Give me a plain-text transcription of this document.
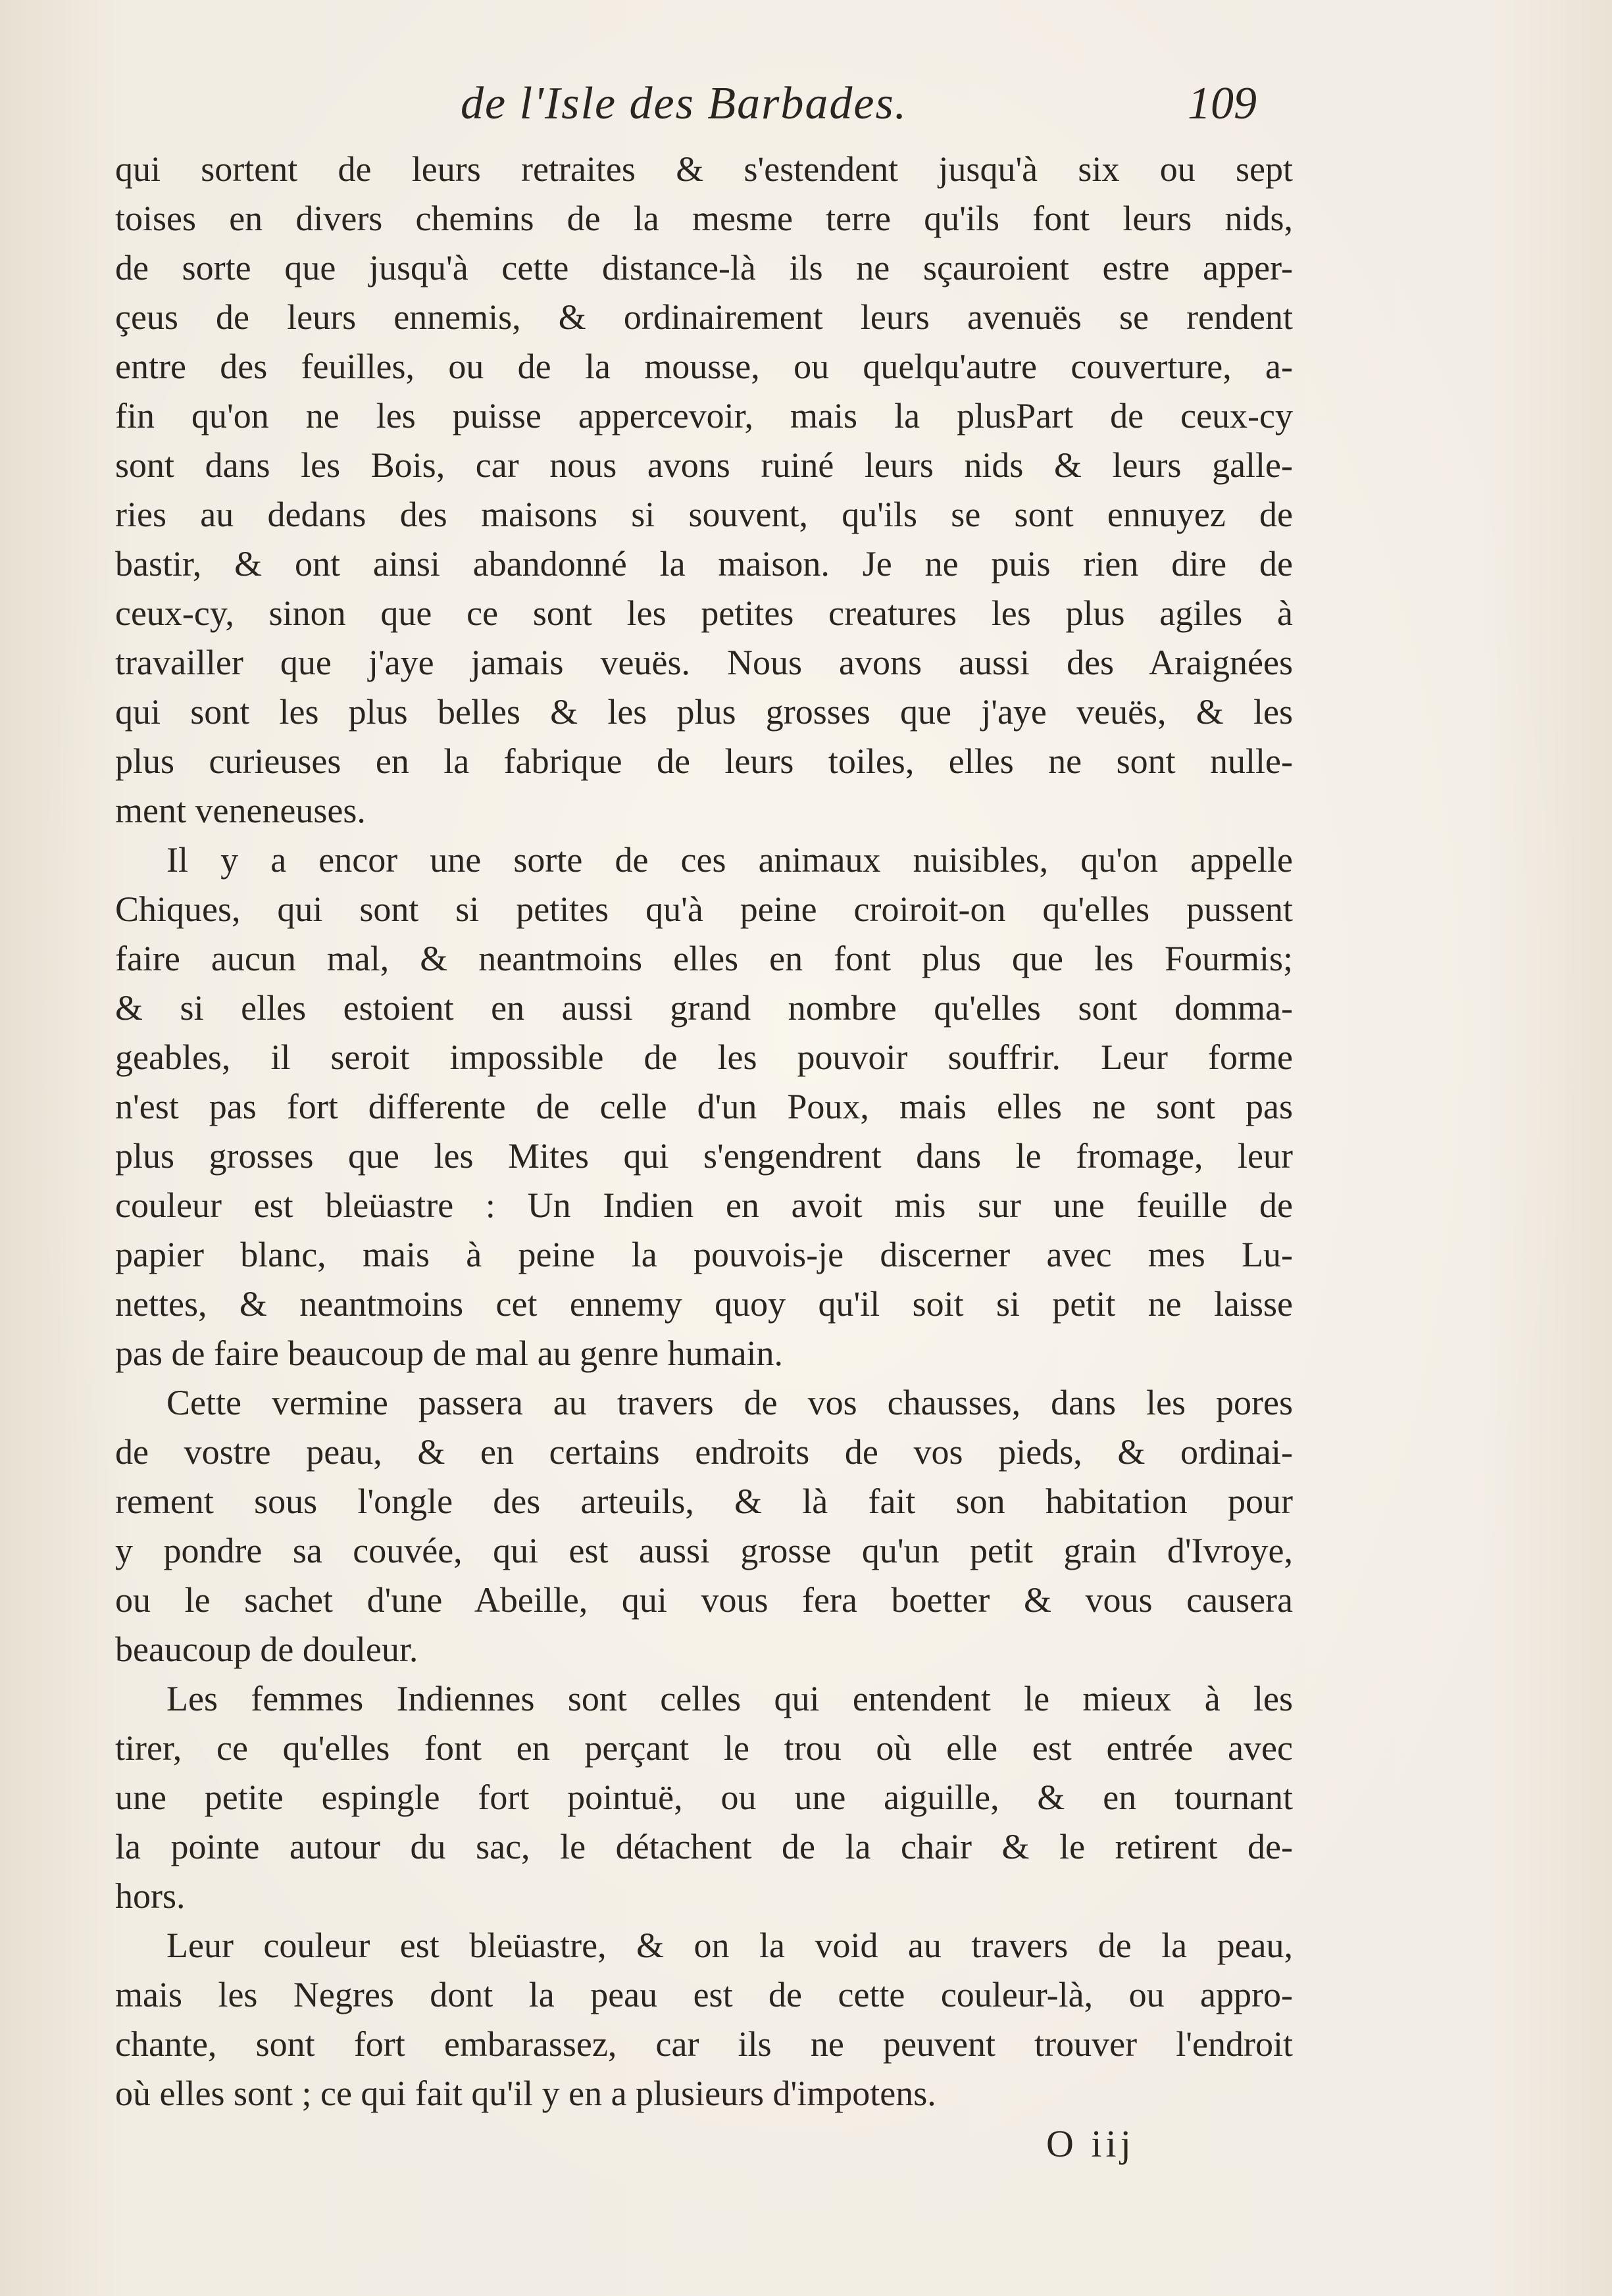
de l'Isle des Barbades.	109
qui sortent de leurs retraites & s'estendent jusqu'à six ou sept
toises en divers chemins de la mesme terre qu'ils font leurs nids,
de sorte que jusqu'à cette distance-là ils ne sçauroient estre apper-
çeus de leurs ennemis, & ordinairement leurs avenuës se rendent
entre des feuilles, ou de la mousse, ou quelqu'autre couverture, a-
fin qu'on ne les puisse appercevoir, mais la plusPart de ceux-cy
sont dans les Bois, car nous avons ruiné leurs nids & leurs galle-
ries au dedans des maisons si souvent, qu'ils se sont ennuyez de
bastir, & ont ainsi abandonné la maison. Je ne puis rien dire de
ceux-cy, sinon que ce sont les petites creatures les plus agiles à
travailler que j'aye jamais veuës. Nous avons aussi des Araignées
qui sont les plus belles & les plus grosses que j'aye veuës, & les
plus curieuses en la fabrique de leurs toiles, elles ne sont nulle-
ment veneneuses.
Il y a encor une sorte de ces animaux nuisibles, qu'on appelle
Chiques, qui sont si petites qu'à peine croiroit-on qu'elles pussent
faire aucun mal, & neantmoins elles en font plus que les Fourmis;
& si elles estoient en aussi grand nombre qu'elles sont domma-
geables, il seroit impossible de les pouvoir souffrir. Leur forme
n'est pas fort differente de celle d'un Poux, mais elles ne sont pas
plus grosses que les Mites qui s'engendrent dans le fromage, leur
couleur est bleüastre : Un Indien en avoit mis sur une feuille de
papier blanc, mais à peine la pouvois-je discerner avec mes Lu-
nettes, & neantmoins cet ennemy quoy qu'il soit si petit ne laisse
pas de faire beaucoup de mal au genre humain.
Cette vermine passera au travers de vos chausses, dans les pores
de vostre peau, & en certains endroits de vos pieds, & ordinai-
rement sous l'ongle des arteuils, & là fait son habitation pour
y pondre sa couvée, qui est aussi grosse qu'un petit grain d'Ivroye,
ou le sachet d'une Abeille, qui vous fera boetter & vous causera
beaucoup de douleur.
Les femmes Indiennes sont celles qui entendent le mieux à les
tirer, ce qu'elles font en perçant le trou où elle est entrée avec
une petite espingle fort pointuë, ou une aiguille, & en tournant
la pointe autour du sac, le détachent de la chair & le retirent de-
hors.
Leur couleur est bleüastre, & on la void au travers de la peau,
mais les Negres dont la peau est de cette couleur-là, ou appro-
chante, sont fort embarassez, car ils ne peuvent trouver l'endroit
où elles sont ; ce qui fait qu'il y en a plusieurs d'impotens.
O iij
